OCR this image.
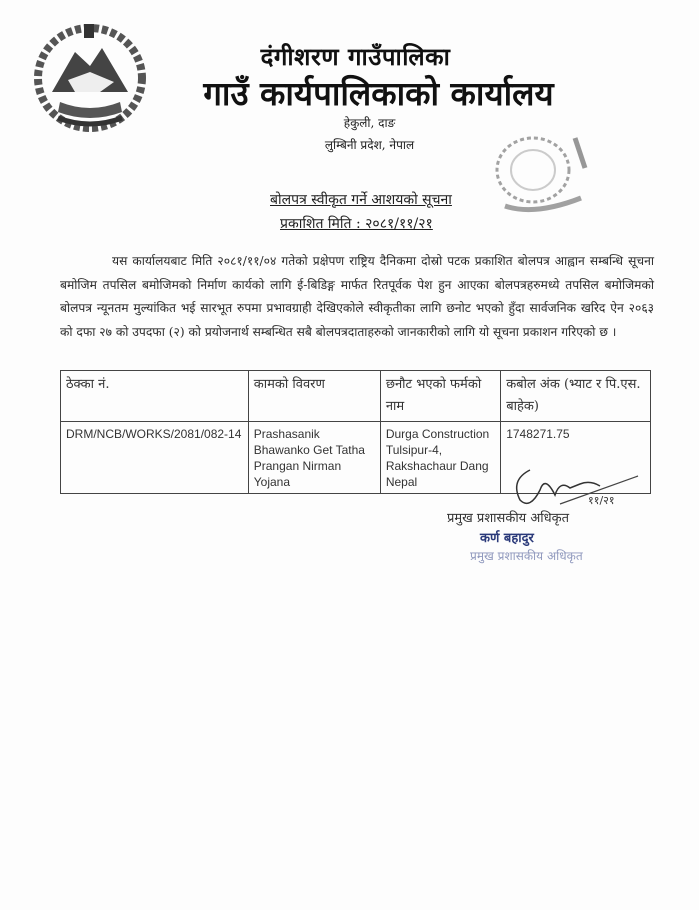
दंगीशरण गाउँपालिका
गाउँ कार्यपालिकाको कार्यालय
हेकुली, दाङ
लुम्बिनी प्रदेश, नेपाल
बोलपत्र स्वीकृत गर्ने आशयको सूचना
प्रकाशित मिति : २०८१/११/२१
यस कार्यालयबाट मिति २०८१/११/०४ गतेको प्रक्षेपण राष्ट्रिय दैनिकमा दोस्रो पटक प्रकाशित बोलपत्र आह्वान सम्बन्धि सूचना बमोजिम तपसिल बमोजिमको निर्माण कार्यको लागि ई-बिडिङ्ग मार्फत रितपूर्वक पेश हुन आएका बोलपत्रहरुमध्ये तपसिल बमोजिमको बोलपत्र न्यूनतम मुल्यांकित भई सारभूत रुपमा प्रभावग्राही देखिएकोले स्वीकृतीका लागि छनोट भएको हुँदा सार्वजनिक खरिद ऐन २०६३ को दफा २७ को उपदफा (२) को प्रयोजनार्थ सम्बन्धित सबै बोलपत्रदाताहरुको जानकारीको लागि यो सूचना प्रकाशन गरिएको छ ।
ठेक्का नं.	कामको विवरण	छनौट भएको फर्मको नाम	कबोल अंक (भ्याट र पि.एस. बाहेक)
DRM/NCB/WORKS/2081/082-14	Prashasanik Bhawanko Get Tatha Prangan Nirman Yojana	Durga Construction Tulsipur-4, Rakshachaur Dang Nepal	1748271.75
११/२१
प्रमुख प्रशासकीय अधिकृत
कर्ण बहादुर
प्रमुख प्रशासकीय अधिकृत
